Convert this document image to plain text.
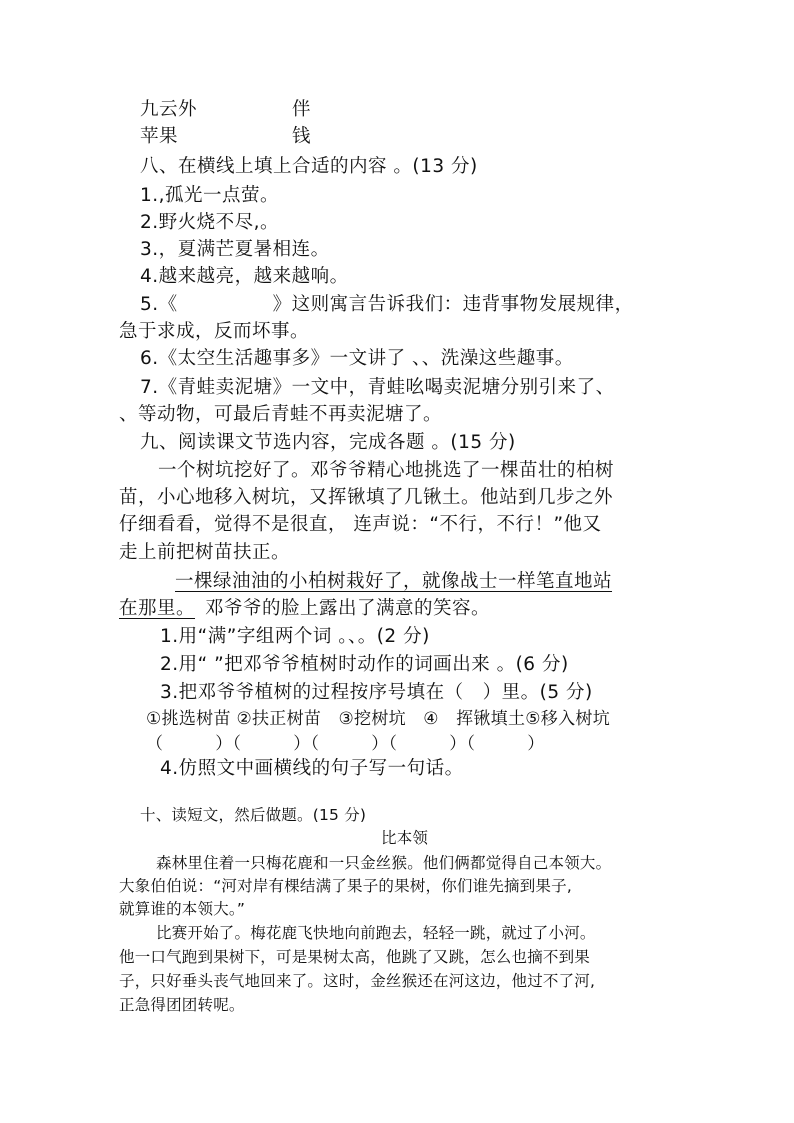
九云外	伴
苹果	钱
八、在横线上填上合适的内容 。(13 分)
1.,孤光一点萤。
2.野火烧不尽,。
3.，夏满芒夏暑相连。
4.越来越亮，越来越响。
5.《　　　　　》这则寓言告诉我们：违背事物发展规律，
急于求成，反而坏事。
6.《太空生活趣事多》一文讲了 、、洗澡这些趣事。
7.《青蛙卖泥塘》一文中，青蛙吆喝卖泥塘分别引来了、
、等动物，可最后青蛙不再卖泥塘了。
九、阅读课文节选内容，完成各题 。(15 分)
一个树坑挖好了。邓爷爷精心地挑选了一棵苗壮的柏树
苗，小心地移入树坑，又挥锹填了几锹土。他站到几步之外
仔细看看，觉得不是很直， 连声说：“不行，不行！”他又
走上前把树苗扶正。
一棵绿油油的小柏树栽好了，就像战士一样笔直地站
在那里。 邓爷爷的脸上露出了满意的笑容。
1.用“满”字组两个词 。、。(2 分)
2.用“ ”把邓爷爷植树时动作的词画出来 。(6 分)
3.把邓爷爷植树的过程按序号填在（　）里。(5 分)
①挑选树苗 ②扶正树苗　③挖树坑　④　挥锹填土⑤移入树坑
（　　　）（　　　）（　　　）（　　　）（　　　）
4.仿照文中画横线的句子写一句话。
十、读短文，然后做题。(15 分)
比本领
森林里住着一只梅花鹿和一只金丝猴。他们俩都觉得自己本领大。
大象伯伯说：“河对岸有棵结满了果子的果树，你们谁先摘到果子,
就算谁的本领大。”
比赛开始了。梅花鹿飞快地向前跑去，轻轻一跳，就过了小河。
他一口气跑到果树下，可是果树太高，他跳了又跳，怎么也摘不到果
子，只好垂头丧气地回来了。这时，金丝猴还在河这边，他过不了河,
正急得团团转呢。
